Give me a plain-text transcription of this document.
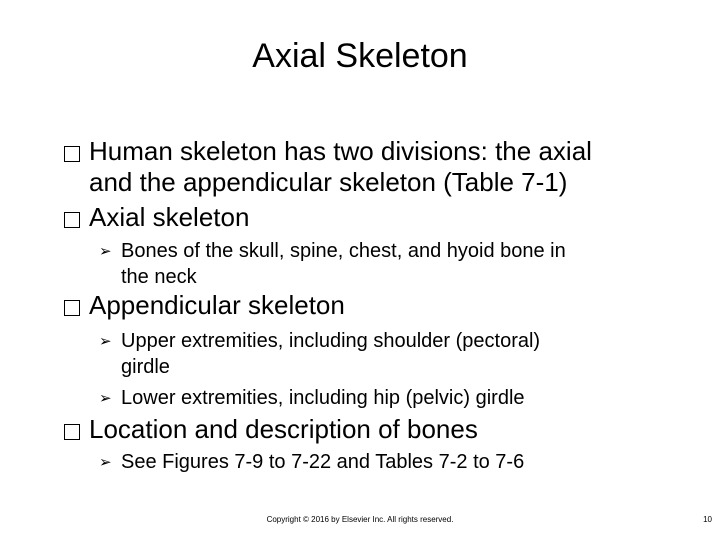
Axial Skeleton
Human skeleton has two divisions: the axial
and the appendicular skeleton (Table 7-1)
Axial skeleton
➢ Bones of the skull, spine, chest, and hyoid bone in
the neck
Appendicular skeleton
➢ Upper extremities, including shoulder (pectoral)
girdle
➢ Lower extremities, including hip (pelvic) girdle
Location and description of bones
➢ See Figures 7-9 to 7-22 and Tables 7-2 to 7-6
Copyright © 2016 by Elsevier Inc. All rights reserved.	10
